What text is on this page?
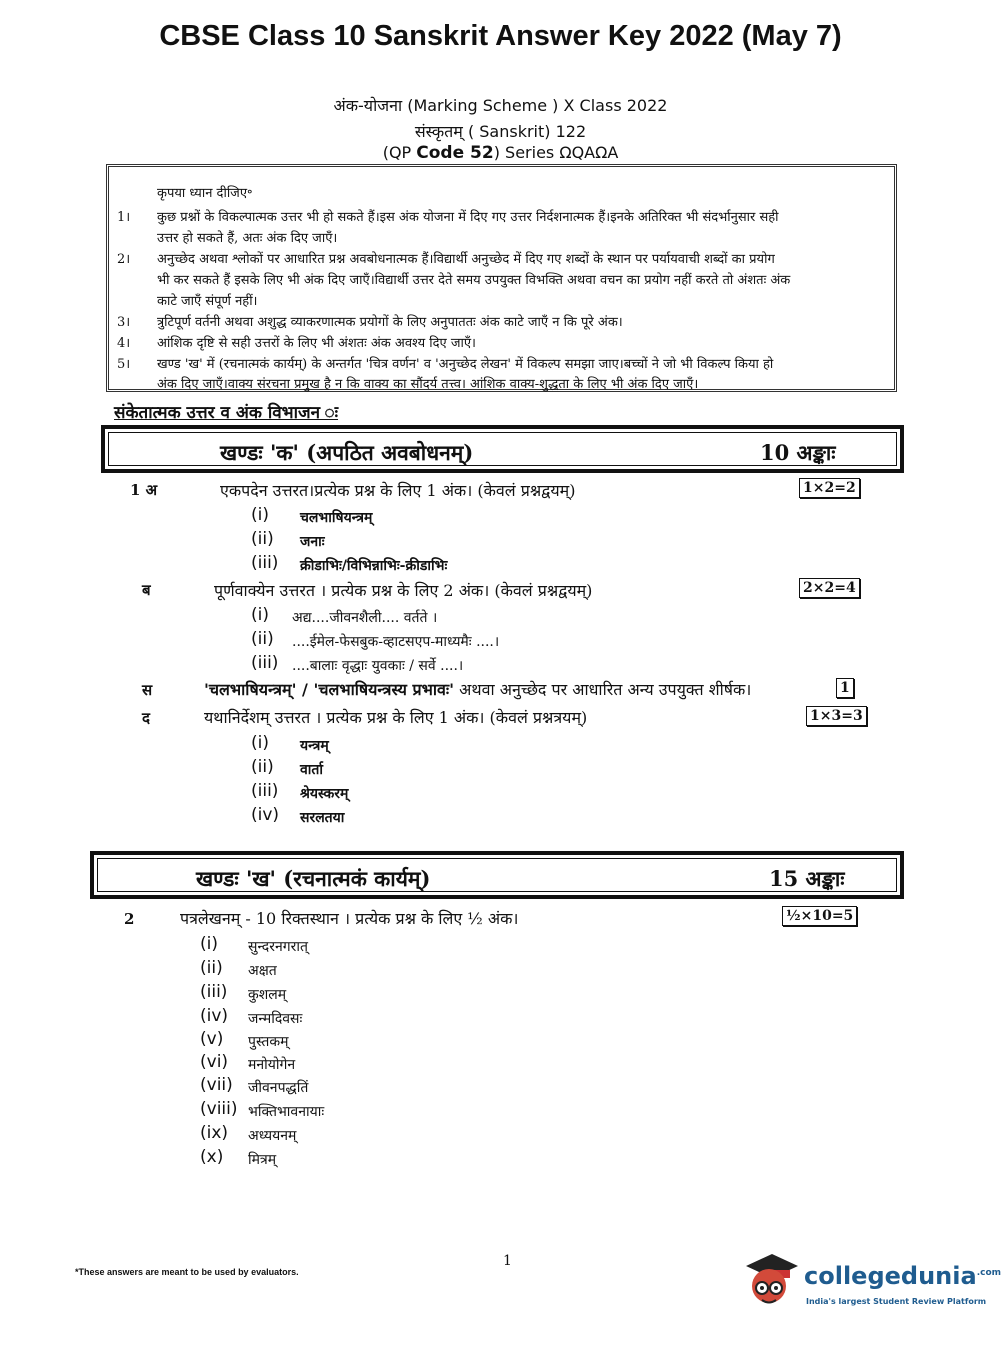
CBSE Class 10 Sanskrit Answer Key 2022 (May 7)
अंक-योजना (Marking Scheme ) X Class 2022
संस्कृतम् ( Sanskrit) 122
(QP Code 52) Series ΩQAΩA
कृपया ध्यान दीजिए॰
1। कुछ प्रश्नों के विकल्पात्मक उत्तर भी हो सकते हैं।इस अंक योजना में दिए गए उत्तर निर्दशनात्मक हैं।इनके अतिरिक्त भी संदर्भानुसार सही
उत्तर हो सकते हैं, अतः अंक दिए जाएँ।
2। अनुच्छेद अथवा श्लोकों पर आधारित प्रश्न अवबोधनात्मक हैं।विद्यार्थी अनुच्छेद में दिए गए शब्दों के स्थान पर पर्यायवाची शब्दों का प्रयोग
भी कर सकते हैं इसके लिए भी अंक दिए जाएँ।विद्यार्थी उत्तर देते समय उपयुक्त विभक्ति अथवा वचन का प्रयोग नहीं करते तो अंशतः अंक
काटे जाएँ संपूर्ण नहीं।
3। त्रुटिपूर्ण वर्तनी अथवा अशुद्ध व्याकरणात्मक प्रयोगों के लिए अनुपाततः अंक काटे जाएँ न कि पूरे अंक।
4। आंशिक दृष्टि से सही उत्तरों के लिए भी अंशतः अंक अवश्य दिए जाएँ।
5। खण्ड 'ख' में (रचनात्मकं कार्यम्) के अन्तर्गत 'चित्र वर्णन' व 'अनुच्छेद लेखन' में विकल्प समझा जाए।बच्चों ने जो भी विकल्प किया हो
अंक दिए जाएँ।वाक्य संरचना प्रमुख है न कि वाक्य का सौंदर्य तत्त्व। आंशिक वाक्य-शुद्धता के लिए भी अंक दिए जाएँ।
संकेतात्मक उत्तर व अंक विभाजन ः
खण्डः 'क' (अपठित अवबोधनम्)	10 अङ्काः
1 अ	एकपदेन उत्तरत।प्रत्येक प्रश्न के लिए 1 अंक। (केवलं प्रश्नद्वयम्)	1×2=2
(i) चलभाषियन्त्रम्
(ii) जनाः
(iii) क्रीडाभिः/विभिन्नाभिः-क्रीडाभिः
ब	पूर्णवाक्येन उत्तरत । प्रत्येक प्रश्न के लिए 2 अंक। (केवलं प्रश्नद्वयम्)	2×2=4
(i) अद्य....जीवनशैली.... वर्तते ।
(ii) ....ईमेल-फेसबुक-व्हाटसएप-माध्यमैः ....।
(iii) ....बालाः वृद्धाः युवकाः / सर्वे ....।
स	'चलभाषियन्त्रम्' / 'चलभाषियन्त्रस्य प्रभावः' अथवा अनुच्छेद पर आधारित अन्य उपयुक्त शीर्षक।	1
द	यथानिर्देशम् उत्तरत । प्रत्येक प्रश्न के लिए 1 अंक। (केवलं प्रश्नत्रयम्)	1×3=3
(i) यन्त्रम्
(ii) वार्ता
(iii) श्रेयस्करम्
(iv) सरलतया
खण्डः 'ख' (रचनात्मकं कार्यम्)	15 अङ्काः
2	पत्रलेखनम् - 10 रिक्तस्थान । प्रत्येक प्रश्न के लिए ½ अंक।	½×10=5
(i) सुन्दरनगरात्
(ii) अक्षत
(iii) कुशलम्
(iv) जन्मदिवसः
(v) पुस्तकम्
(vi) मनोयोगेन
(vii) जीवनपद्धतिं
(viii) भक्तिभावनायाः
(ix) अध्ययनम्
(x) मित्रम्
*These answers are meant to be used by evaluators.
1
collegedunia$^{.com}$
India's largest Student Review Platform
